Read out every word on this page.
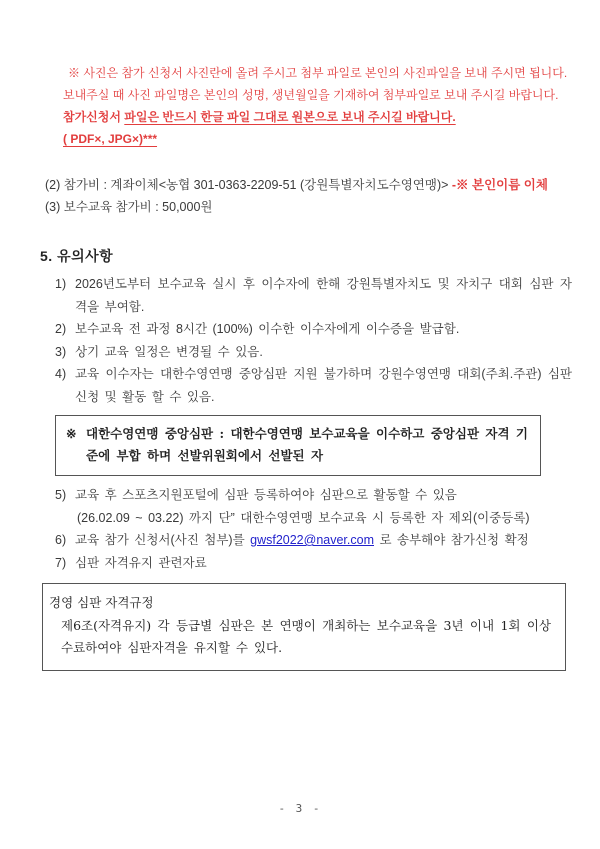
※ 사진은 참가 신청서 사진란에 올려 주시고 첨부 파일로 본인의 사진파일을 보내 주시면 됩니다.

보내주실 때 사진 파일명은 본인의 성명, 생년월일을 기재하여 첨부파일로 보내 주시길 바랍니다.

참가신청서 파일은 반드시 한글 파일 그대로 원본으로 보내 주시길 바랍니다.

( PDF×, JPG×)***

(2) 참가비 : 계좌이체<농협 301-0363-2209-51 (강원특별자치도수영연맹)> -※ 본인이름 이체

(3) 보수교육 참가비 : 50,000원

5. 유의사항
1) 2026년도부터 보수교육 실시 후 이수자에 한해 강원특별자치도 및 자치구 대회 심판 자격을 부여함.
2) 보수교육 전 과정 8시간 (100%) 이수한 이수자에게 이수증을 발급함.
3) 상기 교육 일정은 변경될 수 있음.
4) 교육 이수자는 대한수영연맹 중앙심판 지원 불가하며 강원수영연맹 대회(주최.주관) 심판 신청 및 활동 할 수 있음.
※ 대한수영연맹 중앙심판 : 대한수영연맹 보수교육을 이수하고 중앙심판 자격 기준에 부합 하며 선발위원회에서 선발된 자
5) 교육 후 스포츠지원포털에 심판 등록하여야 심판으로 활동할 수 있음

(26.02.09 ~ 03.22) 까지 단” 대한수영연맹 보수교육 시 등록한 자 제외(이중등록)

6) 교육 참가 신청서(사진 첨부)를 gwsf2022@naver.com 로 송부해야 참가신청 확정
7) 심판 자격유지 관련자료

경영 심판 자격규정

제6조(자격유지) 각 등급별 심판은 본 연맹이 개최하는 보수교육을 3년 이내 1회 이상 수료하여야 심판자격을 유지할 수 있다.

- 3 -
